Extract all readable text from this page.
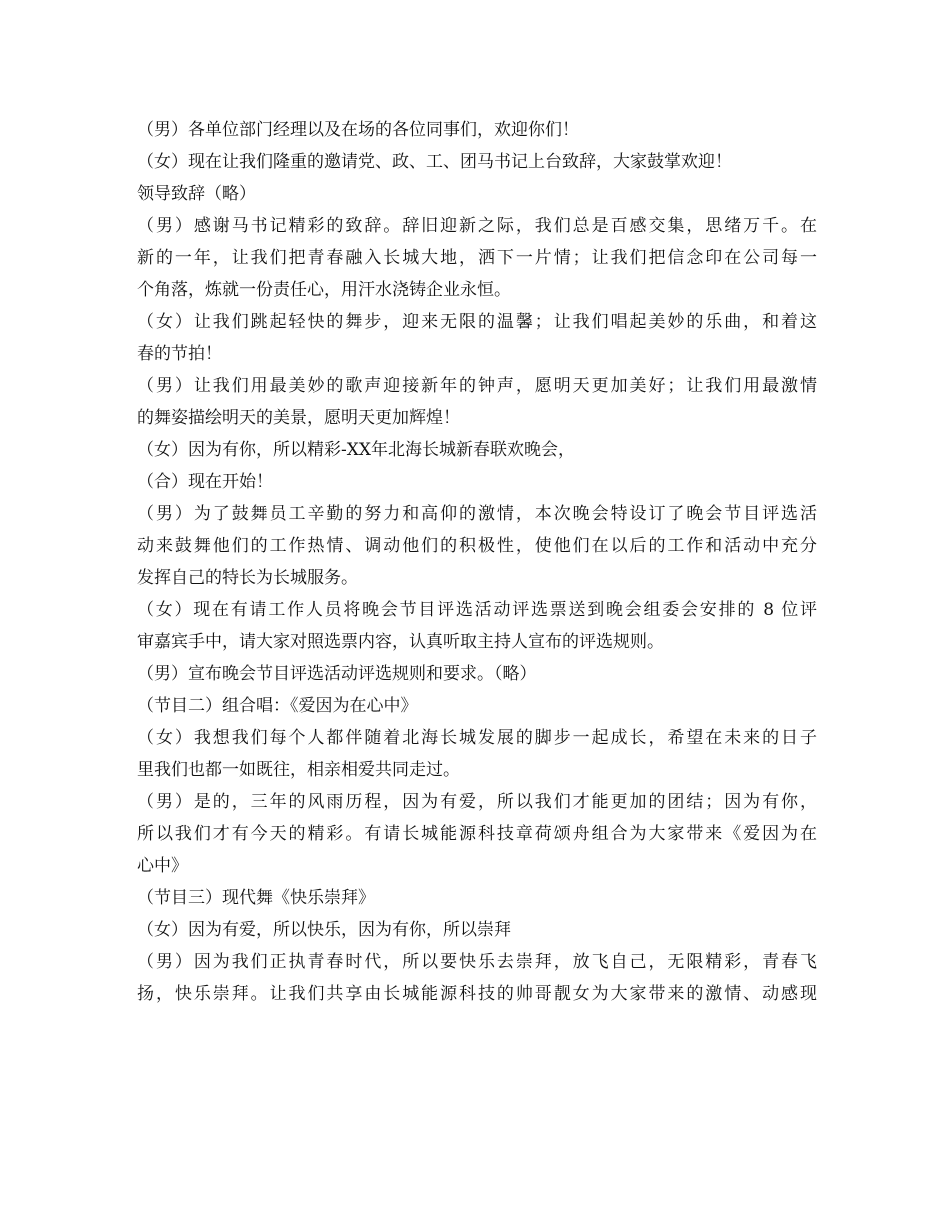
（男）各单位部门经理以及在场的各位同事们，欢迎你们！
（女）现在让我们隆重的邀请党、政、工、团马书记上台致辞，大家鼓掌欢迎！
领导致辞（略）
（男）感谢马书记精彩的致辞。辞旧迎新之际，我们总是百感交集，思绪万千。在
新的一年，让我们把青春融入长城大地，洒下一片情；让我们把信念印在公司每一
个角落，炼就一份责任心，用汗水浇铸企业永恒。
（女）让我们跳起轻快的舞步，迎来无限的温馨；让我们唱起美妙的乐曲，和着这
春的节拍！
（男）让我们用最美妙的歌声迎接新年的钟声，愿明天更加美好；让我们用最激情
的舞姿描绘明天的美景，愿明天更加辉煌！
（女）因为有你，所以精彩-XX年北海长城新春联欢晚会，
（合）现在开始！
（男）为了鼓舞员工辛勤的努力和高仰的激情，本次晚会特设订了晚会节目评选活
动来鼓舞他们的工作热情、调动他们的积极性，使他们在以后的工作和活动中充分
发挥自己的特长为长城服务。
（女）现在有请工作人员将晚会节目评选活动评选票送到晚会组委会安排的 8 位评
审嘉宾手中，请大家对照选票内容，认真听取主持人宣布的评选规则。
（男）宣布晚会节目评选活动评选规则和要求。（略）
（节目二）组合唱：《爱因为在心中》
（女）我想我们每个人都伴随着北海长城发展的脚步一起成长，希望在未来的日子
里我们也都一如既往，相亲相爱共同走过。
（男）是的，三年的风雨历程，因为有爱，所以我们才能更加的团结；因为有你，
所以我们才有今天的精彩。有请长城能源科技章荷颂舟组合为大家带来《爱因为在
心中》
（节目三）现代舞《快乐崇拜》
（女）因为有爱，所以快乐，因为有你，所以崇拜
（男）因为我们正执青春时代，所以要快乐去崇拜，放飞自己，无限精彩，青春飞
扬，快乐崇拜。让我们共享由长城能源科技的帅哥靓女为大家带来的激情、动感现
